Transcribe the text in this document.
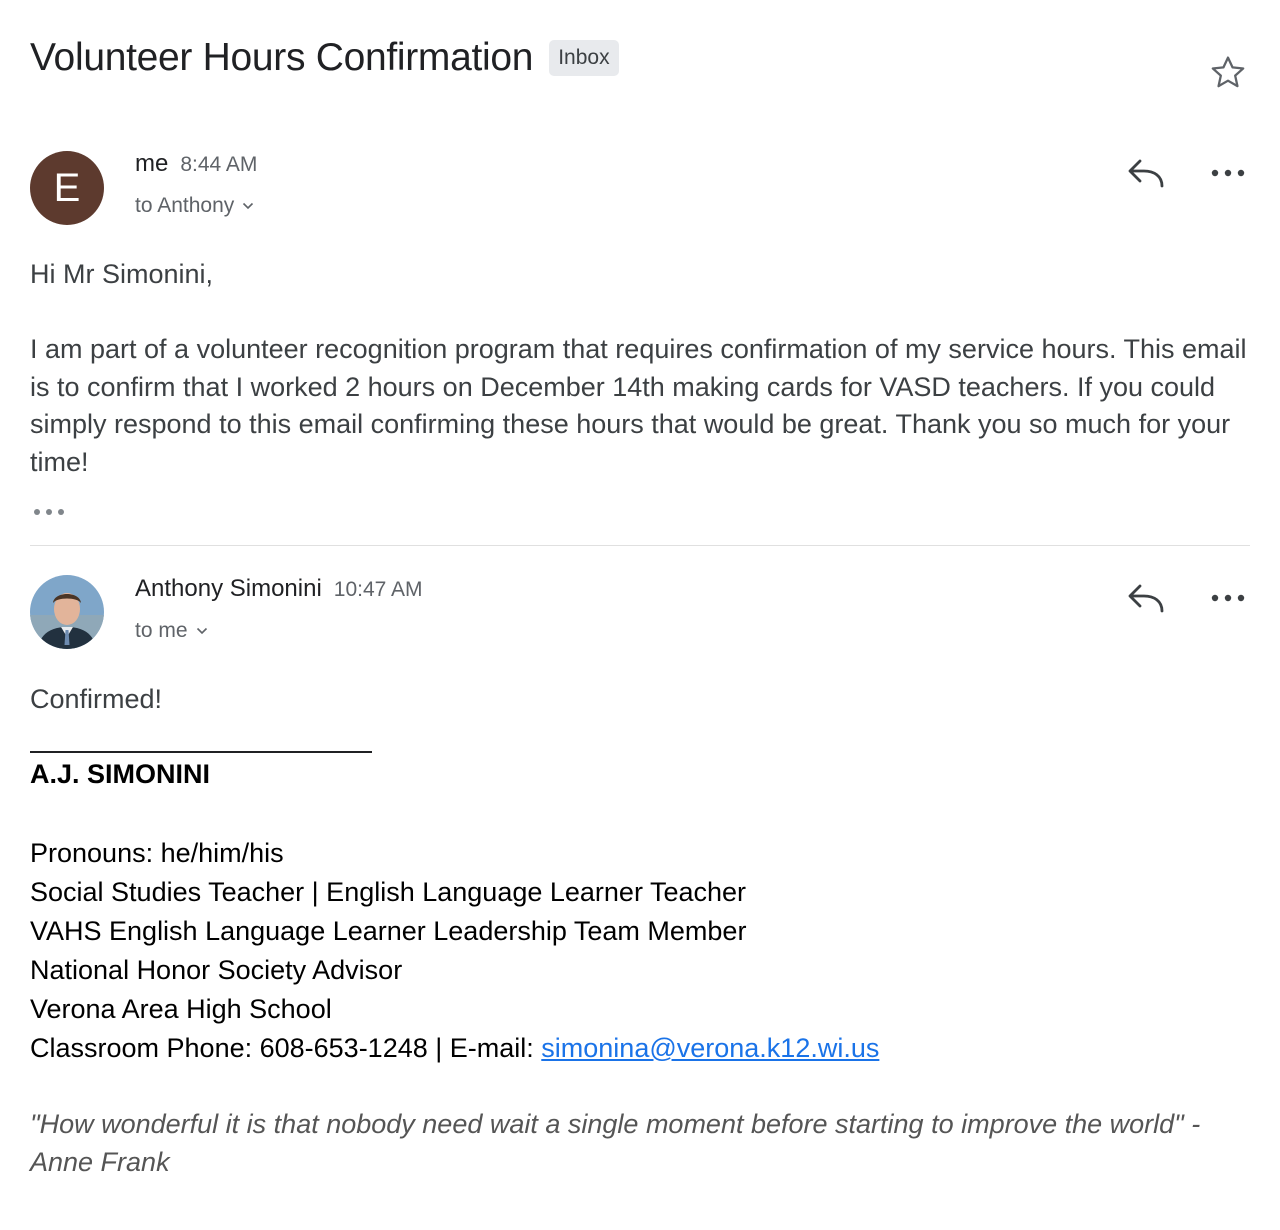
Volunteer Hours Confirmation	Inbox
E
me 8:44 AM
to Anthony

Hi Mr Simonini,

I am part of a volunteer recognition program that requires confirmation of my service hours. This email is to confirm that I worked 2 hours on December 14th making cards for VASD teachers. If you could simply respond to this email confirming these hours that would be great. Thank you so much for your time!

Anthony Simonini 10:47 AM
to me

Confirmed!

A.J. SIMONINI
Pronouns: he/him/his
Social Studies Teacher | English Language Learner Teacher
VAHS English Language Learner Leadership Team Member
National Honor Society Advisor
Verona Area High School
Classroom Phone: 608-653-1248 | E-mail: simonina@verona.k12.wi.us

"How wonderful it is that nobody need wait a single moment before starting to improve the world" - Anne Frank
